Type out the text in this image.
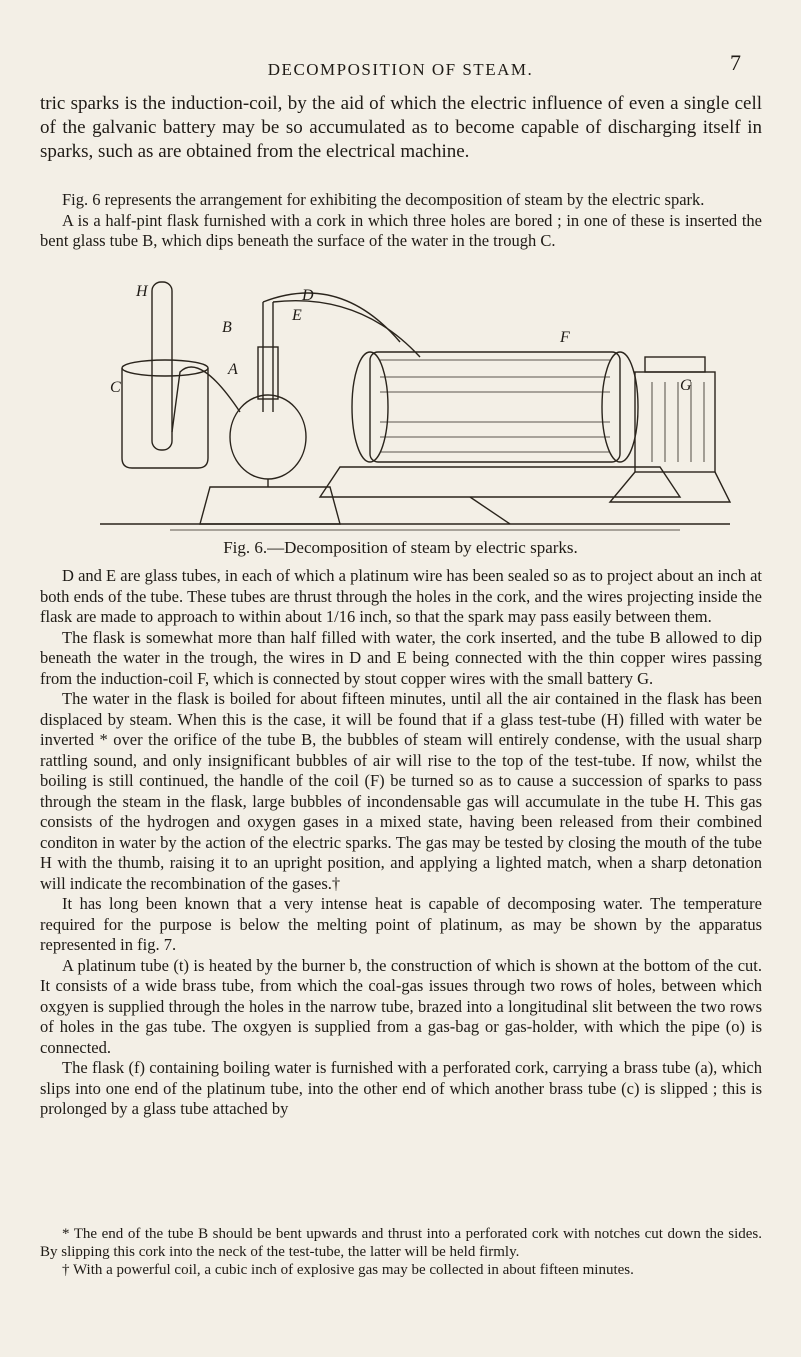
DECOMPOSITION OF STEAM.	7

tric sparks is the induction-coil, by the aid of which the electric influence of even a single cell of the galvanic battery may be so accumulated as to become capable of discharging itself in sparks, such as are obtained from the electrical machine.

Fig. 6 represents the arrangement for exhibiting the decomposition of steam by the electric spark.

A is a half-pint flask furnished with a cork in which three holes are bored ; in one of these is inserted the bent glass tube B, which dips beneath the surface of the water in the trough C.

H
B
C
A
D
E
F
G
Fig. 6.—Decomposition of steam by electric sparks.

D and E are glass tubes, in each of which a platinum wire has been sealed so as to project about an inch at both ends of the tube. These tubes are thrust through the holes in the cork, and the wires projecting inside the flask are made to approach to within about 1/16 inch, so that the spark may pass easily between them.

The flask is somewhat more than half filled with water, the cork inserted, and the tube B allowed to dip beneath the water in the trough, the wires in D and E being connected with the thin copper wires passing from the induction-coil F, which is connected by stout copper wires with the small battery G.

The water in the flask is boiled for about fifteen minutes, until all the air contained in the flask has been displaced by steam. When this is the case, it will be found that if a glass test-tube (H) filled with water be inverted * over the orifice of the tube B, the bubbles of steam will entirely condense, with the usual sharp rattling sound, and only insignificant bubbles of air will rise to the top of the test-tube. If now, whilst the boiling is still continued, the handle of the coil (F) be turned so as to cause a succession of sparks to pass through the steam in the flask, large bubbles of incondensable gas will accumulate in the tube H. This gas consists of the hydrogen and oxygen gases in a mixed state, having been released from their combined conditon in water by the action of the electric sparks. The gas may be tested by closing the mouth of the tube H with the thumb, raising it to an upright position, and applying a lighted match, when a sharp detonation will indicate the recombination of the gases.†

It has long been known that a very intense heat is capable of decomposing water. The temperature required for the purpose is below the melting point of platinum, as may be shown by the apparatus represented in fig. 7.

A platinum tube (t) is heated by the burner b, the construction of which is shown at the bottom of the cut. It consists of a wide brass tube, from which the coal-gas issues through two rows of holes, between which oxgyen is supplied through the holes in the narrow tube, brazed into a longitudinal slit between the two rows of holes in the gas tube. The oxgyen is supplied from a gas-bag or gas-holder, with which the pipe (o) is connected.

The flask (f) containing boiling water is furnished with a perforated cork, carrying a brass tube (a), which slips into one end of the platinum tube, into the other end of which another brass tube (c) is slipped ; this is prolonged by a glass tube attached by

* The end of the tube B should be bent upwards and thrust into a perforated cork with notches cut down the sides. By slipping this cork into the neck of the test-tube, the latter will be held firmly.

† With a powerful coil, a cubic inch of explosive gas may be collected in about fifteen minutes.
